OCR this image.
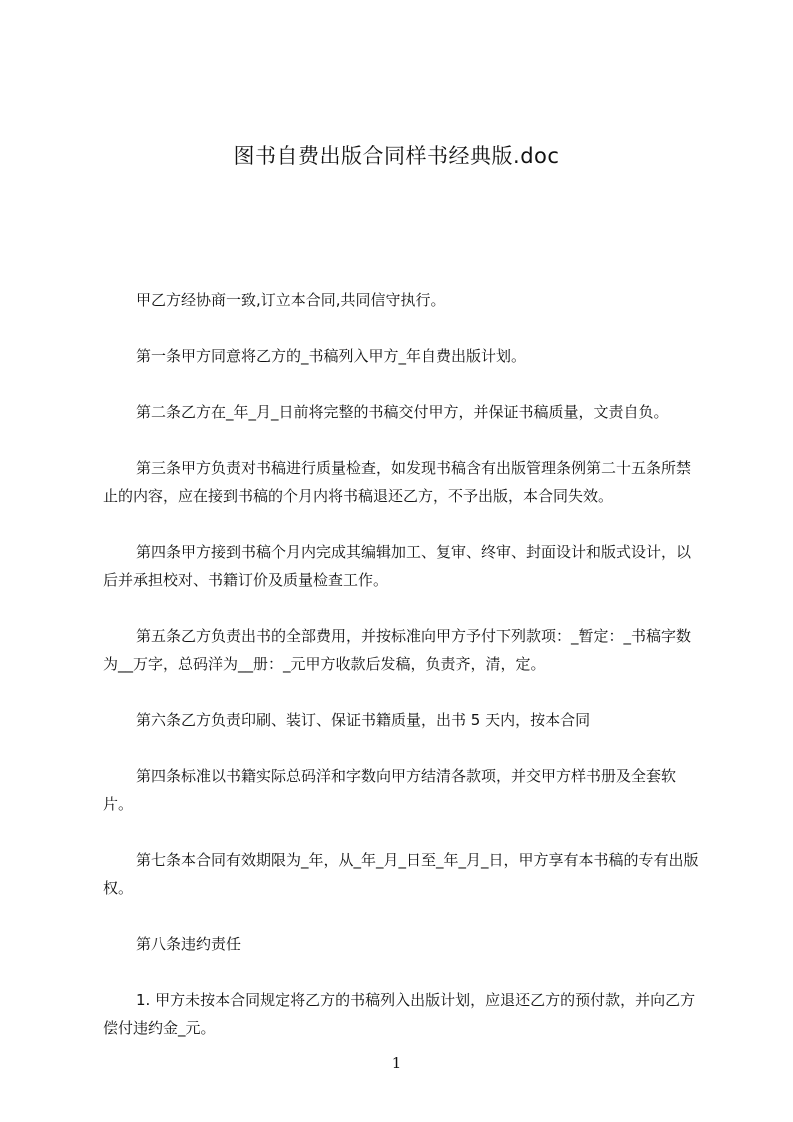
图书自费出版合同样书经典版.doc

甲乙方经协商一致,订立本合同,共同信守执行。

第一条甲方同意将乙方的_书稿列入甲方_年自费出版计划。

第二条乙方在_年_月_日前将完整的书稿交付甲方，并保证书稿质量，文责自负。

第三条甲方负责对书稿进行质量检查，如发现书稿含有出版管理条例第二十五条所禁止的内容，应在接到书稿的个月内将书稿退还乙方，不予出版，本合同失效。

第四条甲方接到书稿个月内完成其编辑加工、复审、终审、封面设计和版式设计，以后并承担校对、书籍订价及质量检查工作。

第五条乙方负责出书的全部费用，并按标准向甲方予付下列款项：_暂定：_书稿字数为__万字，总码洋为__册：_元甲方收款后发稿，负责齐，清，定。

第六条乙方负责印刷、装订、保证书籍质量，出书 5 天内，按本合同

第四条标准以书籍实际总码洋和字数向甲方结清各款项，并交甲方样书册及全套软片。

第七条本合同有效期限为_年，从_年_月_日至_年_月_日，甲方享有本书稿的专有出版权。

第八条违约责任

1. 甲方未按本合同规定将乙方的书稿列入出版计划，应退还乙方的预付款，并向乙方偿付违约金_元。

1
